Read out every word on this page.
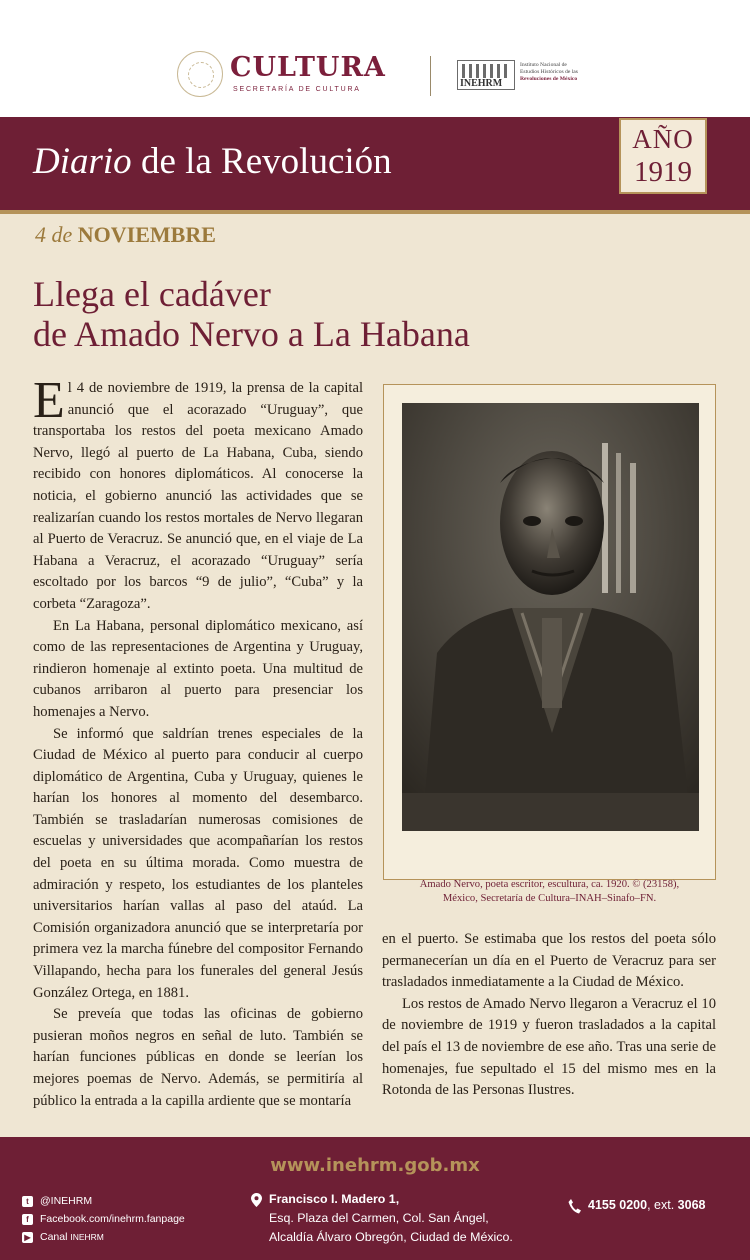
CULTURA
SECRETARÍA DE CULTURA
INEHRM
Instituto Nacional de
Estudios Históricos de las
Revoluciones de México
Diario de la Revolución
AÑO
1919
4 de NOVIEMBRE
Llega el cadáver
de Amado Nervo a La Habana

El 4 de noviembre de 1919, la prensa de la capital anunció que el acorazado “Uruguay”, que transportaba los restos del poeta mexicano Amado Nervo, llegó al puerto de La Habana, Cuba, siendo recibido con honores diplomáticos. Al conocerse la noticia, el gobierno anunció las actividades que se realizarían cuando los restos mortales de Nervo llegaran al Puerto de Veracruz. Se anunció que, en el viaje de La Habana a Veracruz, el acorazado “Uruguay” sería escoltado por los barcos “9 de julio”, “Cuba” y la corbeta “Zaragoza”.

En La Habana, personal diplomático mexicano, así como de las representaciones de Argentina y Uruguay, rindieron homenaje al extinto poeta. Una multitud de cubanos arribaron al puerto para presenciar los homenajes a Nervo.

Se informó que saldrían trenes especiales de la Ciudad de México al puerto para conducir al cuerpo diplomático de Argentina, Cuba y Uruguay, quienes le harían los honores al momento del desembarco. También se trasladarían numerosas comisiones de escuelas y universidades que acompañarían los restos del poeta en su última morada. Como muestra de admiración y respeto, los estudiantes de los planteles universitarios harían vallas al paso del ataúd. La Comisión organizadora anunció que se interpretaría por primera vez la marcha fúnebre del compositor Fernando Villapando, hecha para los funerales del general Jesús González Ortega, en 1881.

Se preveía que todas las oficinas de gobierno pusieran moños negros en señal de luto. También se harían funciones públicas en donde se leerían los mejores poemas de Nervo. Además, se permitiría al público la entrada a la capilla ardiente que se montaría

Amado Nervo, poeta escritor, escultura, ca. 1920. © (23158),
México, Secretaría de Cultura–INAH–Sinafo–FN.

en el puerto. Se estimaba que los restos del poeta sólo permanecerían un día en el Puerto de Veracruz para ser trasladados inmediatamente a la Ciudad de México.

Los restos de Amado Nervo llegaron a Veracruz el 10 de noviembre de 1919 y fueron trasladados a la capital del país el 13 de noviembre de ese año. Tras una serie de homenajes, fue sepultado el 15 del mismo mes en la Rotonda de las Personas Ilustres.

www.inehrm.gob.mx
t	@INEHRM
f	Facebook.com/inehrm.fanpage
▶ Canal
INEHRM
Francisco I. Madero 1,
Esq. Plaza del Carmen, Col. San Ángel,
Alcaldía Álvaro Obregón, Ciudad de México.
4155 0200, ext. 3068
